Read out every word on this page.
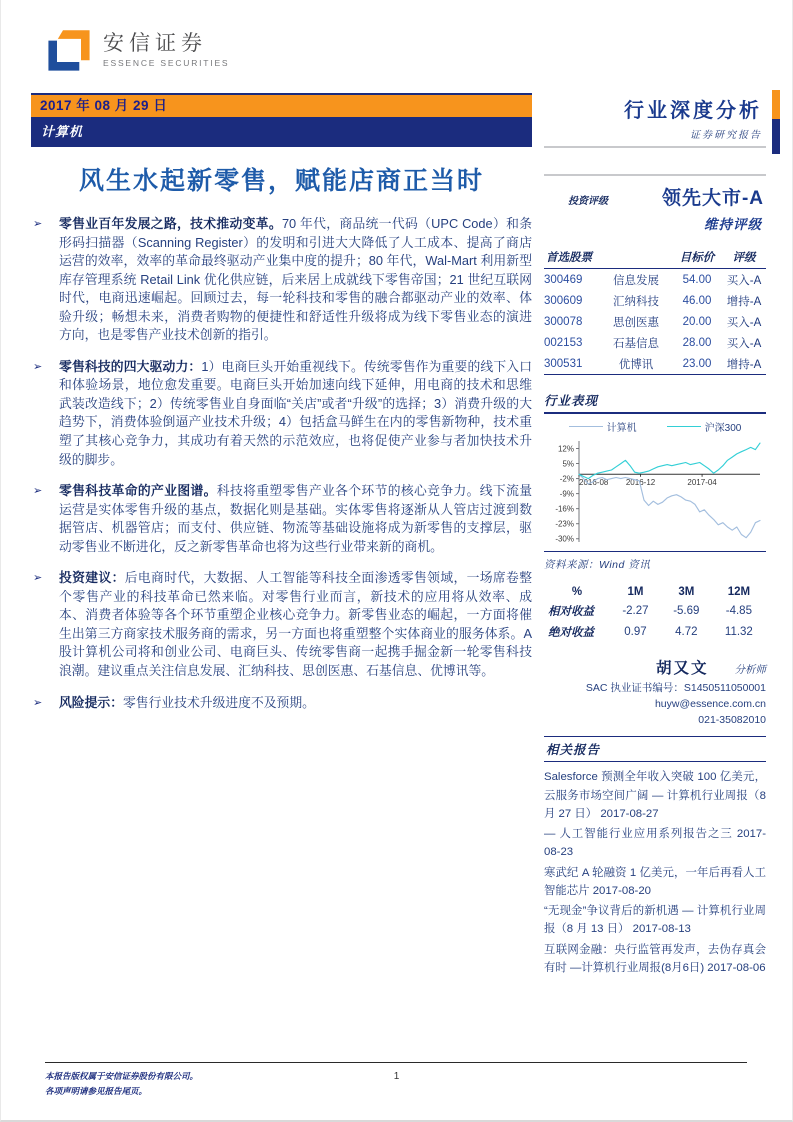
安信证券
ESSENCE SECURITIES
2017 年 08 月 29 日
计算机
风生水起新零售，赋能店商正当时
➢	零售业百年发展之路，技术推动变革。70 年代，商品统一代码（UPC Code）和条形码扫描器（Scanning Register）的发明和引进大大降低了人工成本、提高了商店运营的效率，效率的革命最终驱动产业集中度的提升；80 年代，Wal-Mart 利用新型库存管理系统 Retail Link 优化供应链，后来居上成就线下零售帝国；21 世纪互联网时代，电商迅速崛起。回顾过去，每一轮科技和零售的融合都驱动产业的效率、体验升级；畅想未来，消费者购物的便捷性和舒适性升级将成为线下零售业态的演进方向，也是零售产业技术创新的指引。

➢	零售科技的四大驱动力：1）电商巨头开始重视线下。传统零售作为重要的线下入口和体验场景，地位愈发重要。电商巨头开始加速向线下延伸，用电商的技术和思维武装改造线下；2）传统零售业自身面临“关店”或者“升级”的选择；3）消费升级的大趋势下，消费体验倒逼产业技术升级；4）包括盒马鲜生在内的零售新物种，技术重塑了其核心竞争力，其成功有着天然的示范效应，也将促使产业参与者加快技术升级的脚步。

➢	零售科技革命的产业图谱。科技将重塑零售产业各个环节的核心竞争力。线下流量运营是实体零售升级的基点，数据化则是基础。实体零售将逐渐从人管店过渡到数据管店、机器管店；而支付、供应链、物流等基础设施将成为新零售的支撑层，驱动零售业不断进化，反之新零售革命也将为这些行业带来新的商机。

➢	投资建议：后电商时代，大数据、人工智能等科技全面渗透零售领域，一场席卷整个零售产业的科技革命已然来临。对零售行业而言，新技术的应用将从效率、成本、消费者体验等各个环节重塑企业核心竞争力。新零售业态的崛起，一方面将催生出第三方商家技术服务商的需求，另一方面也将重塑整个实体商业的服务体系。A 股计算机公司将和创业公司、电商巨头、传统零售商一起携手掘金新一轮零售科技浪潮。建议重点关注信息发展、汇纳科技、思创医惠、石基信息、优博讯等。

➢	风险提示：零售行业技术升级进度不及预期。

行业深度分析
证券研究报告
投资评级	领先大市-A
维持评级
首选股票		目标价	评级
300469	信息发展	54.00	买入-A
300609	汇纳科技	46.00	增持-A
300078	思创医惠	20.00	买入-A
002153	石基信息	28.00	买入-A
300531	优博讯	23.00	增持-A
行业表现
计算机	沪深300
12%
5%
-2%
-9%
-16%
-23%
-30%
2016-08 2016-12	2017-04
资料来源：Wind 资讯
%	1M	3M	12M
相对收益	-2.27	-5.69	-4.85
绝对收益	0.97	4.72	11.32
胡又文 分析师
SAC 执业证书编号：S1450511050001
huyw@essence.com.cn
021-35082010
相关报告

Salesforce 预测全年收入突破 100 亿美元，云服务市场空间广阔 — 计算机行业周报（8 月 27 日） 2017-08-27

— 人工智能行业应用系列报告之三 2017-08-23

寒武纪 A 轮融资 1 亿美元，一年后再看人工智能芯片 2017-08-20

“无现金”争议背后的新机遇 — 计算机行业周报（8 月 13 日） 2017-08-13

互联网金融：央行监管再发声，去伪存真会有时 —计算机行业周报(8月6日) 2017-08-06

本报告版权属于安信证券股份有限公司。
各项声明请参见报告尾页。
1
